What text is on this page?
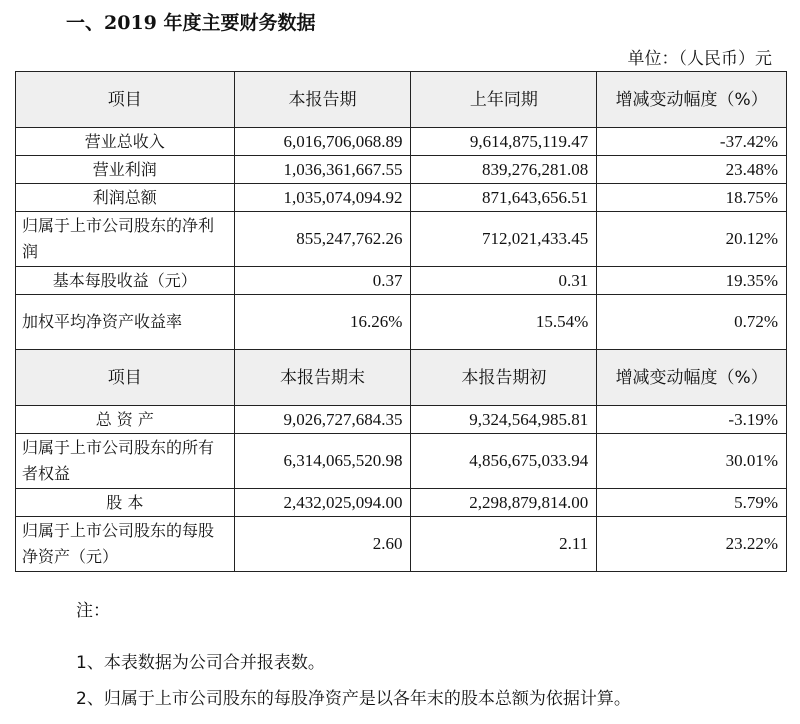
一、2019 年度主要财务数据
单位：（人民币）元
项目	本报告期	上年同期	增减变动幅度（%）
营业总收入	6,016,706,068.89	9,614,875,119.47	-37.42%
营业利润	1,036,361,667.55	839,276,281.08	23.48%
利润总额	1,035,074,094.92	871,643,656.51	18.75%
归属于上市公司股东的净利润	855,247,762.26	712,021,433.45	20.12%
基本每股收益（元）	0.37	0.31	19.35%
加权平均净资产收益率	16.26%	15.54%	0.72%
项目	本报告期末	本报告期初	增减变动幅度（%）
总 资 产	9,026,727,684.35	9,324,564,985.81	-3.19%
归属于上市公司股东的所有者权益	6,314,065,520.98	4,856,675,033.94	30.01%
股 本	2,432,025,094.00	2,298,879,814.00	5.79%
归属于上市公司股东的每股净资产（元）	2.60	2.11	23.22%
注：
1、本表数据为公司合并报表数。
2、归属于上市公司股东的每股净资产是以各年末的股本总额为依据计算。
